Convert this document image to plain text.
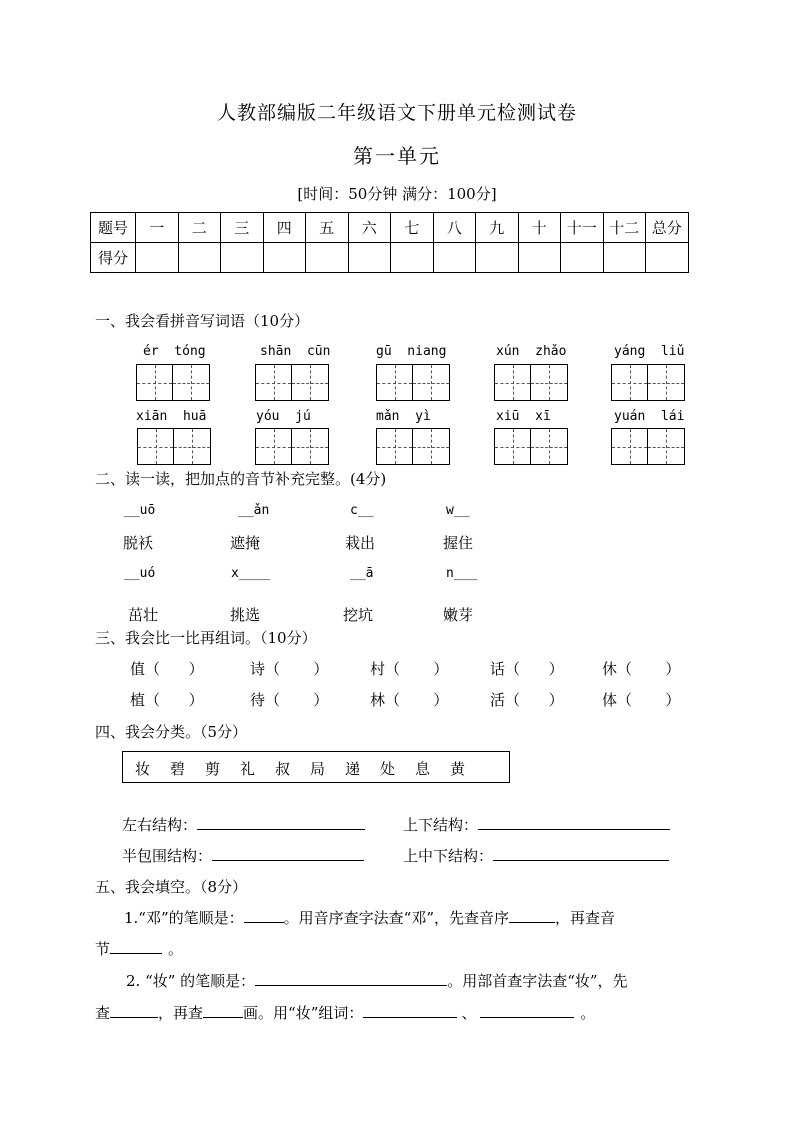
人教部编版二年级语文下册单元检测试卷
第一单元
[时间：50分钟 满分：100分]
题号	一	二	三	四	五	六	七	八	九	十	十一	十二	总分
得分													
一、我会看拼音写词语（10分）
ér  tóng	shān  cūn	gū  niang	xún  zhǎo	yáng  liǔ
xiān  huā	yóu  jú	mǎn  yì	xiū  xī	yuán  lái
二、读一读，把加点的音节补充完整。(4分)
__uō	__ǎn	c__	w__
脱袄	遮掩	栽出	握住
__uó	x____	__ā	n___
茁壮	挑选	挖坑	嫩芽
三、我会比一比再组词。（10分）
值（      ）	诗（       ）	村（       ）	话（      ）	休（       ）
植（      ）	待（       ）	林（       ）	活（      ）	体（       ）
四、我会分类。（5分）
妆 碧 剪 礼 叔 局 递 处 息 黄
左右结构：	上下结构：
半包围结构：	上中下结构：
五、我会填空。（8分）
1.“邓”的笔顺是：	。用音序查字法查“邓”，先查音序	，再查音
节	。
2. “妆” 的笔顺是：	。用部首查字法查“妆”，先
查	，再查	画。用“妆”组词：	、	。
